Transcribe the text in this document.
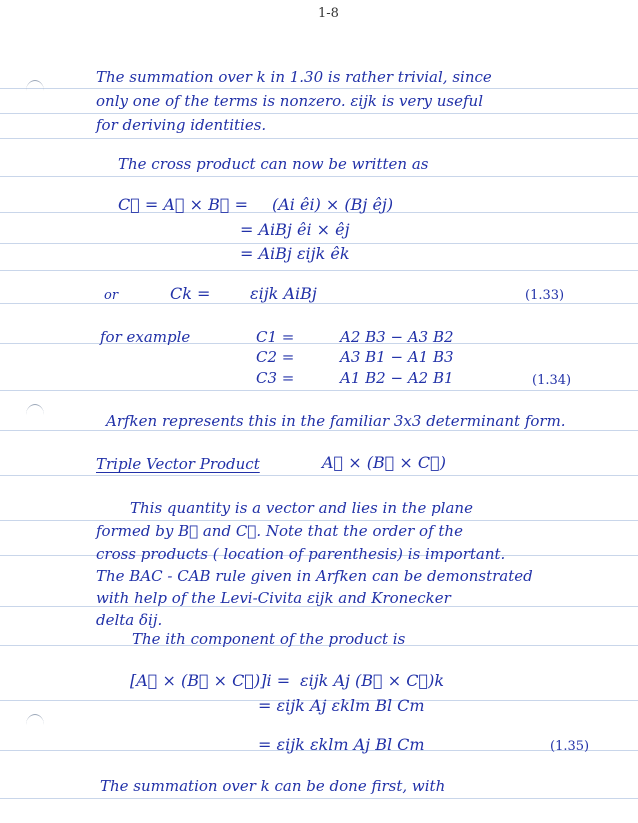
1-8
The summation over k in 1.30 is rather trivial, since
only one of the terms is nonzero. εijk is very useful
for deriving identities.
The cross product can now be written as
C⃗ = A⃗ × B⃗ = (Ai êi) × (Bj êj)
= AiBj êi × êj
= AiBj εijk êk
or	Ck = εijk AiBj	(1.33)
for example	C1 =	A2 B3 − A3 B2
C2 =	A3 B1 − A1 B3
C3 =	A1 B2 − A2 B1	(1.34)
Arfken represents this in the familiar 3x3 determinant form.
Triple Vector Product	A⃗ × (B⃗ × C⃗)
This quantity is a vector and lies in the plane
formed by B⃗ and C⃗. Note that the order of the
cross products ( location of parenthesis) is important.
The BAC - CAB rule given in Arfken can be demonstrated
with help of the Levi-Civita εijk and Kronecker
delta δij.
The ith component of the product is
[A⃗ × (B⃗ × C⃗)]i = εijk Aj (B⃗ × C⃗)k
= εijk Aj εklm Bl Cm
= εijk εklm Aj Bl Cm	(1.35)
The summation over k can be done first, with
